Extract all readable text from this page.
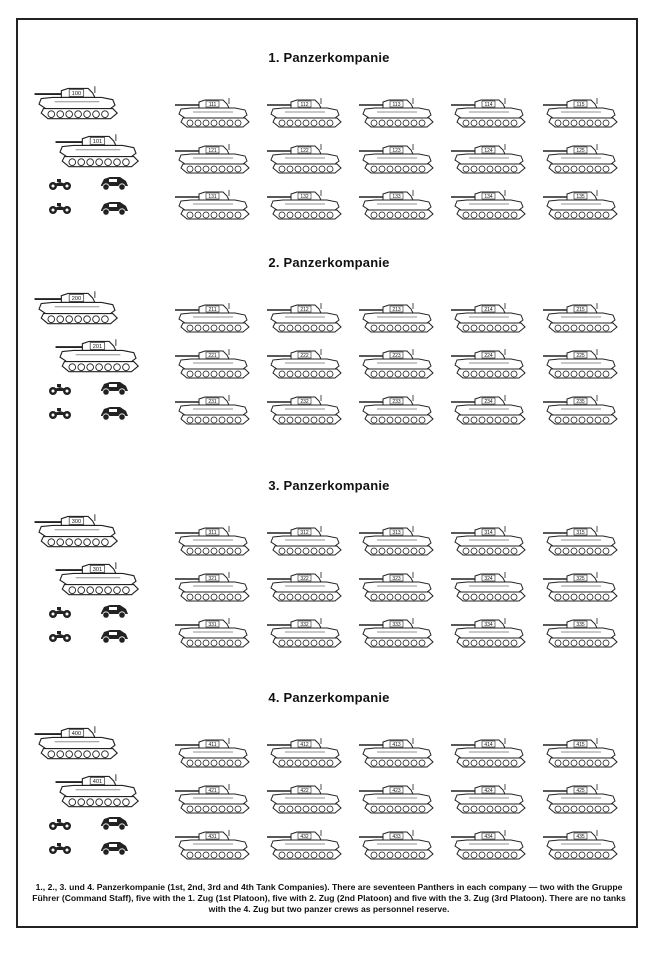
1. Panzerkompanie
100
101
111	112	113	114	115
121	122	123	124	125
131	132	133	134	135
2. Panzerkompanie
200
201
211	212	213	214	215
221	222	223	224	225
231	232	233	234	235
3. Panzerkompanie
300
301
311	312	313	314	315
321	322	323	324	325
331	332	333	334	335
4. Panzerkompanie
400
401
411	412	413	414	415
421	422	423	424	425
431	432	433	434	435
1., 2., 3. und 4. Panzerkompanie (1st, 2nd, 3rd and 4th Tank Companies). There are seventeen Panthers in each company — two with the Gruppe Führer (Command Staff), five with the 1. Zug (1st Platoon), five with 2. Zug (2nd Platoon) and five with the 3. Zug (3rd Platoon). There are no tanks with the 4. Zug but two panzer crews as personnel reserve.
